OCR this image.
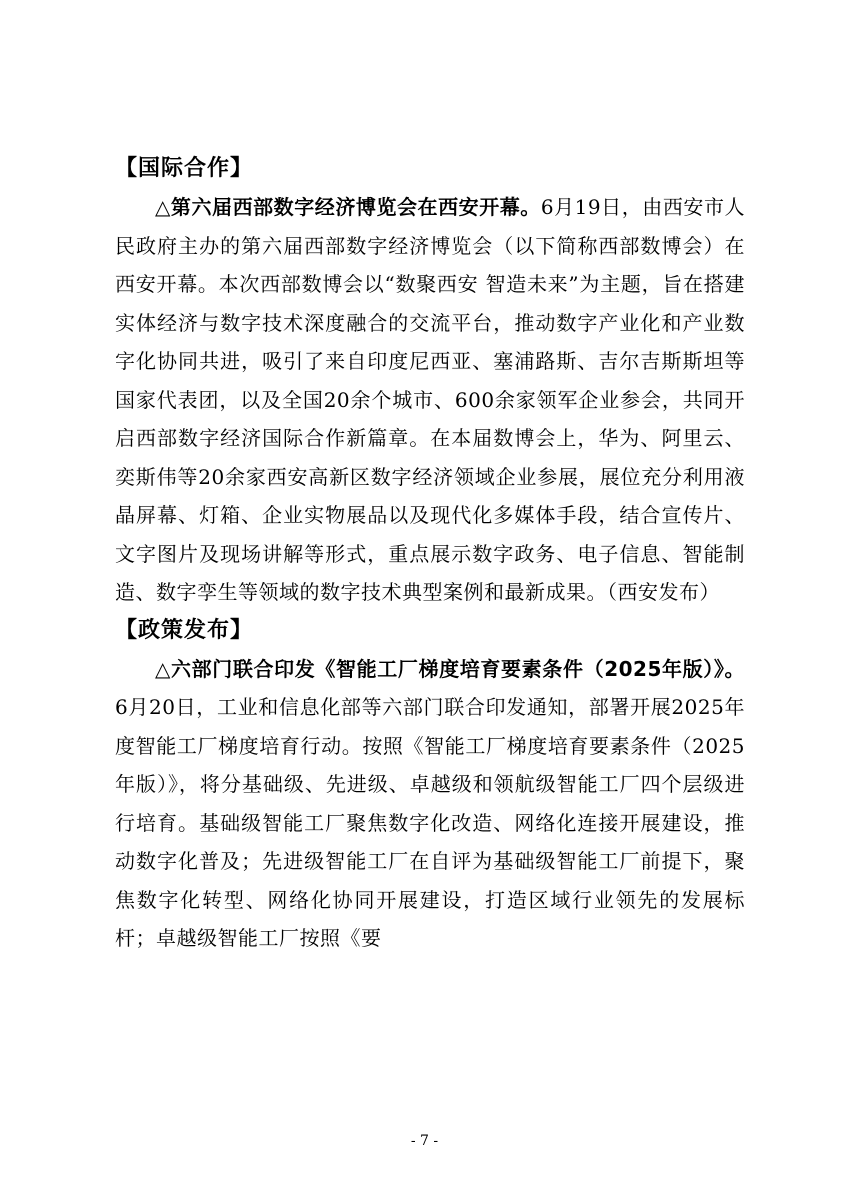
【国际合作】

△第六届西部数字经济博览会在西安开幕。6月19日，由西安市人民政府主办的第六届西部数字经济博览会（以下简称西部数博会）在西安开幕。本次西部数博会以“数聚西安 智造未来”为主题，旨在搭建实体经济与数字技术深度融合的交流平台，推动数字产业化和产业数字化协同共进，吸引了来自印度尼西亚、塞浦路斯、吉尔吉斯斯坦等国家代表团，以及全国20余个城市、600余家领军企业参会，共同开启西部数字经济国际合作新篇章。在本届数博会上，华为、阿里云、奕斯伟等20余家西安高新区数字经济领域企业参展，展位充分利用液晶屏幕、灯箱、企业实物展品以及现代化多媒体手段，结合宣传片、文字图片及现场讲解等形式，重点展示数字政务、电子信息、智能制造、数字孪生等领域的数字技术典型案例和最新成果。（西安发布）

【政策发布】

△六部门联合印发《智能工厂梯度培育要素条件（2025年版）》。6月20日，工业和信息化部等六部门联合印发通知，部署开展2025年度智能工厂梯度培育行动。按照《智能工厂梯度培育要素条件（2025年版）》，将分基础级、先进级、卓越级和领航级智能工厂四个层级进行培育。基础级智能工厂聚焦数字化改造、网络化连接开展建设，推动数字化普及；先进级智能工厂在自评为基础级智能工厂前提下，聚焦数字化转型、网络化协同开展建设，打造区域行业领先的发展标杆；卓越级智能工厂按照《要

- 7 -
